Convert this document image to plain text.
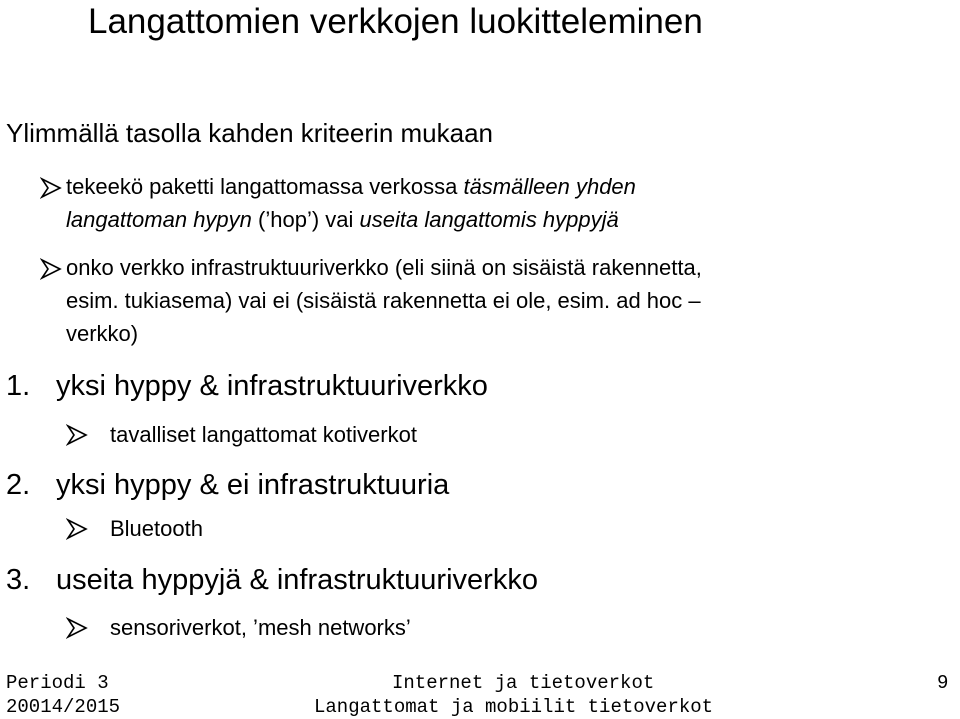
Langattomien verkkojen luokitteleminen
Ylimmällä tasolla kahden kriteerin mukaan
tekeekö paketti langattomassa verkossa täsmälleen yhden
langattoman hypyn (’hop’) vai useita langattomis hyppyjä
onko verkko infrastruktuuriverkko (eli siinä on sisäistä rakennetta,
esim. tukiasema) vai ei (sisäistä rakennetta ei ole, esim. ad hoc –
verkko)
1. yksi hyppy & infrastruktuuriverkko
tavalliset langattomat kotiverkot
2. yksi hyppy & ei infrastruktuuria
Bluetooth
3. useita hyppyjä & infrastruktuuriverkko
sensoriverkot, ’mesh networks’
Periodi 3
20014/2015
Internet ja tietoverkot
Langattomat ja mobiilit tietoverkot
9
